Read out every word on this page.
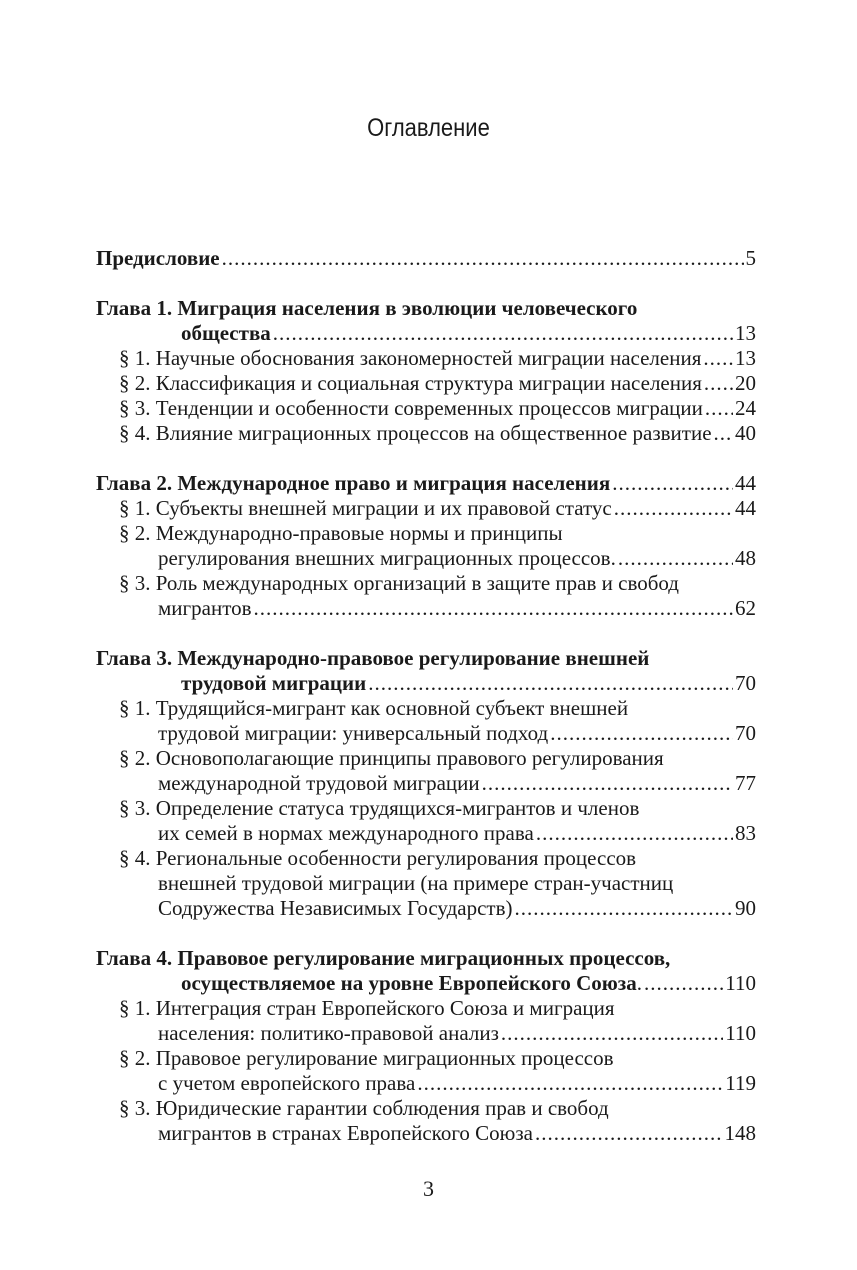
Оглавление
Предисловие .....	5
Глава 1. Миграция населения в эволюции человеческого
общества .....	13
§ 1. Научные обоснования закономерностей миграции населения ..... 13
§ 2. Классификация и социальная структура миграции населения ..... 20
§ 3. Тенденции и особенности современных процессов миграции ..... 24
§ 4. Влияние миграционных процессов на общественное развитие ..... 40
Глава 2. Международное право и миграция населения .....	44
§ 1. Субъекты внешней миграции и их правовой статус .....	44
§ 2. Международно-правовые нормы и принципы
регулирования внешних миграционных процессов. .....	48
§ 3. Роль международных организаций в защите прав и свобод
мигрантов .....	62
Глава 3. Международно-правовое регулирование внешней
трудовой миграции .....	70
§ 1. Трудящийся-мигрант как основной субъект внешней
трудовой миграции: универсальный подход .....	70
§ 2. Основополагающие принципы правового регулирования
международной трудовой миграции .....	77
§ 3. Определение статуса трудящихся-мигрантов и членов
их семей в нормах международного права .....	83
§ 4. Региональные особенности регулирования процессов
внешней трудовой миграции (на примере стран-участниц
Содружества Независимых Государств) .....	90
Глава 4. Правовое регулирование миграционных процессов,
осуществляемое на уровне Европейского Союза . .....	110
§ 1. Интеграция стран Европейского Союза и миграция
населения: политико-правовой анализ .....	110
§ 2. Правовое регулирование миграционных процессов
с учетом европейского права .....	119
§ 3. Юридические гарантии соблюдения прав и свобод
мигрантов в странах Европейского Союза .....	148
3
